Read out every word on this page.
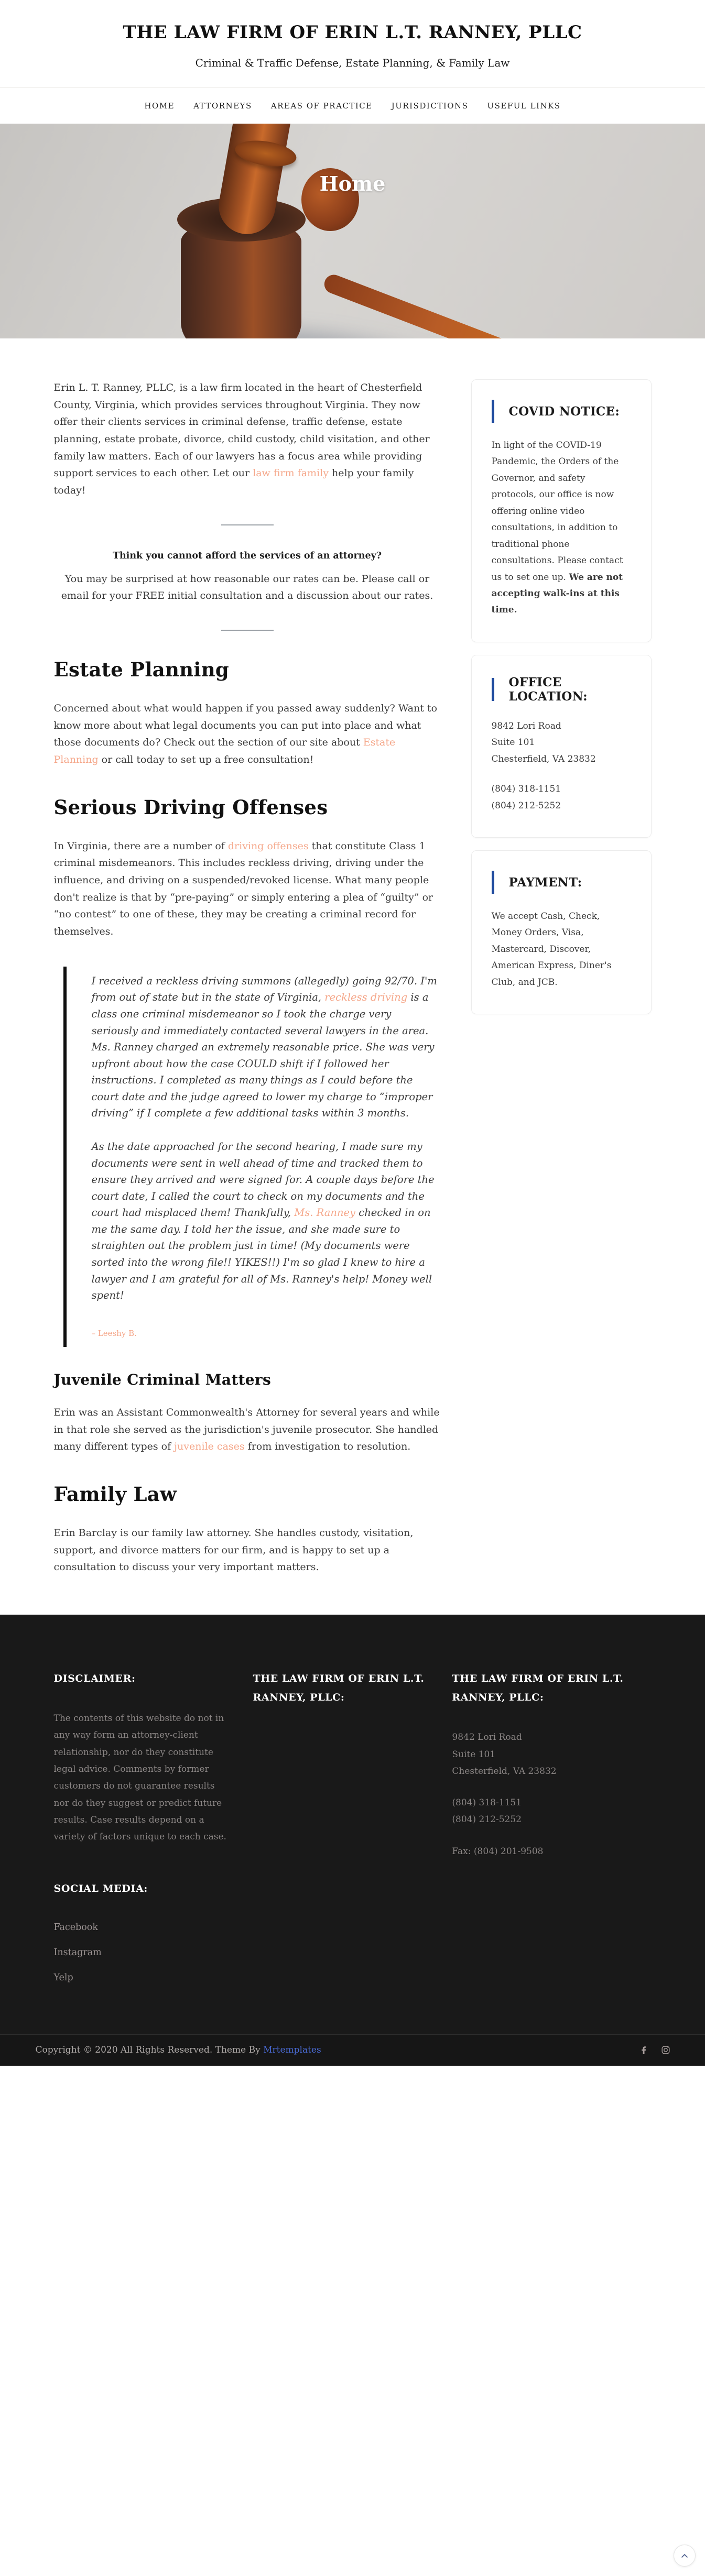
THE LAW FIRM OF ERIN L.T. RANNEY, PLLC
Criminal & Traffic Defense, Estate Planning, & Family Law
HOME ATTORNEYS AREAS OF PRACTICE JURISDICTIONS USEFUL LINKS
Home

Erin L. T. Ranney, PLLC, is a law firm located in the heart of Chesterfield County, Virginia, which provides services throughout Virginia. They now offer their clients services in criminal defense, traffic defense, estate planning, estate probate, divorce, child custody, child visitation, and other family law matters. Each of our lawyers has a focus area while providing support services to each other. Let our law firm family help your family today!

Think you cannot afford the services of an attorney?

You may be surprised at how reasonable our rates can be. Please call or email for your FREE initial consultation and a discussion about our rates.

Estate Planning

Concerned about what would happen if you passed away suddenly? Want to know more about what legal documents you can put into place and what those documents do? Check out the section of our site about Estate Planning or call today to set up a free consultation!

Serious Driving Offenses

In Virginia, there are a number of driving offenses that constitute Class 1 criminal misdemeanors. This includes reckless driving, driving under the influence, and driving on a suspended/revoked license. What many people don't realize is that by “pre-paying” or simply entering a plea of “guilty” or “no contest” to one of these, they may be creating a criminal record for themselves.

I received a reckless driving summons (allegedly) going 92/70. I'm from out of state but in the state of Virginia, reckless driving is a class one criminal misdemeanor so I took the charge very seriously and immediately contacted several lawyers in the area. Ms. Ranney charged an extremely reasonable price. She was very upfront about how the case COULD shift if I followed her instructions. I completed as many things as I could before the court date and the judge agreed to lower my charge to “improper driving” if I complete a few additional tasks within 3 months.

As the date approached for the second hearing, I made sure my documents were sent in well ahead of time and tracked them to ensure they arrived and were signed for. A couple days before the court date, I called the court to check on my documents and the court had misplaced them! Thankfully, Ms. Ranney checked in on me the same day. I told her the issue, and she made sure to straighten out the problem just in time! (My documents were sorted into the wrong file!! YIKES!!) I'm so glad I knew to hire a lawyer and I am grateful for all of Ms. Ranney's help! Money well spent!

– Leeshy B.
Juvenile Criminal Matters

Erin was an Assistant Commonwealth's Attorney for several years and while in that role she served as the jurisdiction's juvenile prosecutor. She handled many different types of juvenile cases from investigation to resolution.

Family Law

Erin Barclay is our family law attorney. She handles custody, visitation, support, and divorce matters for our firm, and is happy to set up a consultation to discuss your very important matters.

COVID NOTICE:
In light of the COVID-19 Pandemic, the Orders of the Governor, and safety protocols, our office is now offering online video consultations, in addition to traditional phone consultations. Please contact us to set one up. We are not accepting walk-ins at this time.
OFFICE LOCATION:
9842 Lori Road
Suite 101
Chesterfield, VA 23832
(804) 318-1151
(804) 212-5252
PAYMENT:
We accept Cash, Check, Money Orders, Visa, Mastercard, Discover, American Express, Diner's Club, and JCB.
DISCLAIMER:
The contents of this website do not in any way form an attorney-client relationship, nor do they constitute legal advice. Comments by former customers do not guarantee results nor do they suggest or predict future results. Case results depend on a variety of factors unique to each case.
SOCIAL MEDIA:
Facebook
Instagram
Yelp
THE LAW FIRM OF ERIN L.T. RANNEY, PLLC:
THE LAW FIRM OF ERIN L.T. RANNEY, PLLC:
9842 Lori Road
Suite 101
Chesterfield, VA 23832
(804) 318-1151
(804) 212-5252
Fax: (804) 201-9508
Copyright © 2020 All Rights Reserved. Theme By Mrtemplates
